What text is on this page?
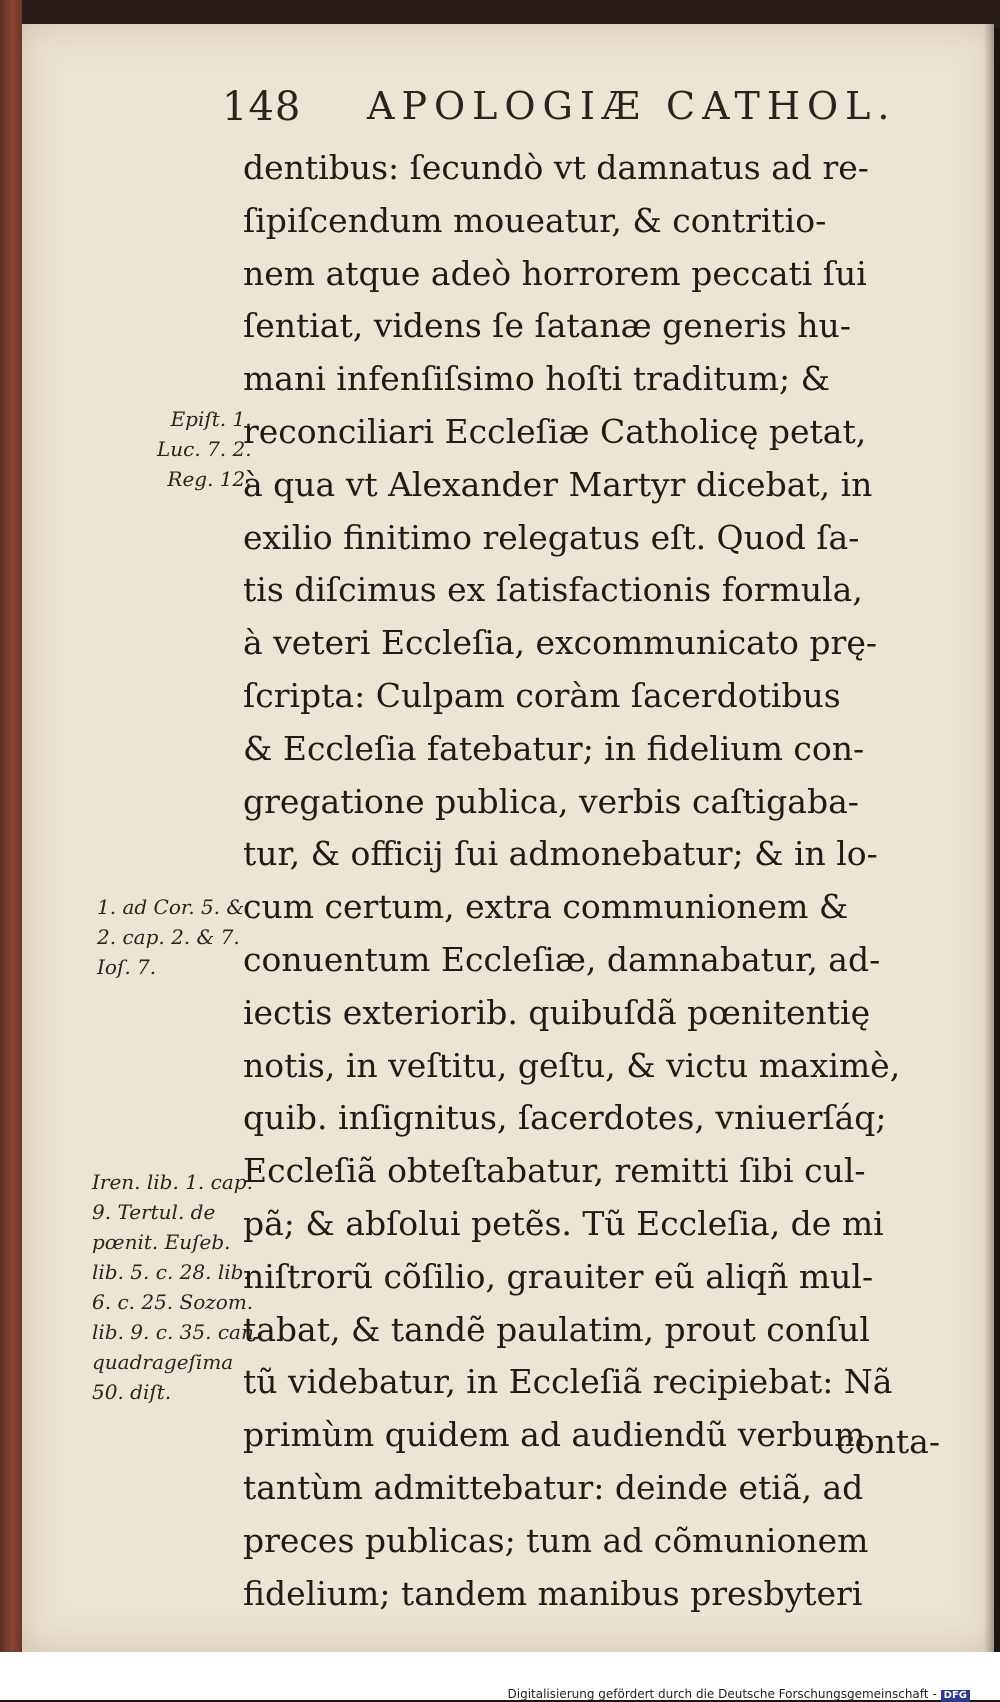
Epiſt. 1.
Luc. 7. 2.
Reg. 12.
1. ad Cor. 5. &
2. cap. 2. & 7.
Ioſ. 7.
Iren. lib. 1. cap.
9. Tertul. de
pœnit. Euſeb.
lib. 5. c. 28. lib.
6. c. 25. Sozom.
lib. 9. c. 35. can.
quadrageſima
50. diſt.
148 APOLOGIÆ CATHOL.
dentibus: ſecundò vt damnatus ad re-
ſipiſcendum moueatur, & contritio-
nem atque adeò horrorem peccati ſui
ſentiat, videns ſe ſatanæ generis hu-
mani infenſiſsimo hoſti traditum; &
reconciliari Eccleſiæ Catholicę petat,
à qua vt Alexander Martyr dicebat, in
exilio finitimo relegatus eſt. Quod ſa-
tis diſcimus ex ſatisfactionis formula,
à veteri Eccleſia, excommunicato prę-
ſcripta: Culpam coràm ſacerdotibus
& Eccleſia fatebatur; in fidelium con-
gregatione publica, verbis caſtigaba-
tur, & officij ſui admonebatur; & in lo-
cum certum, extra communionem &
conuentum Eccleſiæ, damnabatur, ad-
iectis exteriorib. quibuſdã pœnitentię
notis, in veſtitu, geſtu, & victu maximè,
quib. inſignitus, ſacerdotes, vniuerſáq;
Eccleſiã obteſtabatur, remitti ſibi cul-
pã; & abſolui petẽs. Tũ Eccleſia, de mi
niſtrorũ cõſilio, grauiter eũ aliqñ mul-
tabat, & tandẽ paulatim, prout conſul
tũ videbatur, in Eccleſiã recipiebat: Nã
primùm quidem ad audiendũ verbum
tantùm admittebatur: deinde etiã, ad
preces publicas; tum ad cõmunionem
fidelium; tandem manibus presbyteri
conta-
Digitalisierung gefördert durch die Deutsche Forschungsgemeinschaft - DFG
